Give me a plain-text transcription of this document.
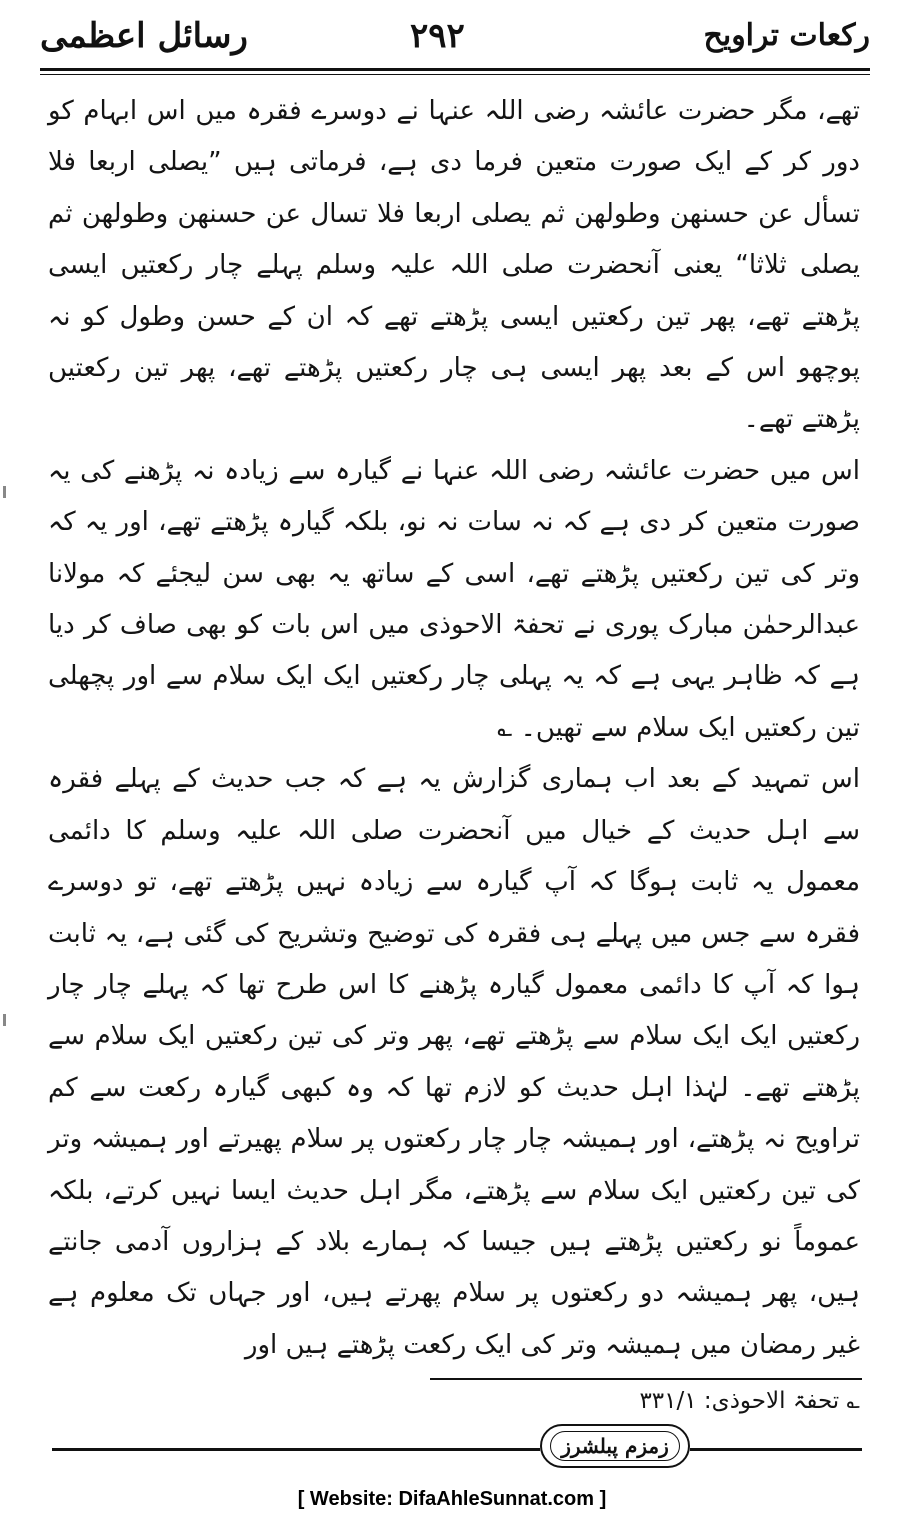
رسائل اعظمی	۲۹۲	رکعات تراویح

تھے، مگر حضرت عائشہ رضی اللہ عنہا نے دوسرے فقرہ میں اس ابہام کو دور کر کے ایک صورت متعین فرما دی ہے، فرماتی ہیں ”یصلی اربعا فلا تسأل عن حسنهن وطولهن ثم یصلی اربعا فلا تسال عن حسنهن وطولهن ثم یصلی ثلاثا“ یعنی آنحضرت صلی اللہ علیہ وسلم پہلے چار رکعتیں ایسی پڑھتے تھے، پھر تین رکعتیں ایسی پڑھتے تھے کہ ان کے حسن وطول کو نہ پوچھو اس کے بعد پھر ایسی ہی چار رکعتیں پڑھتے تھے، پھر تین رکعتیں پڑھتے تھے۔

اس میں حضرت عائشہ رضی اللہ عنہا نے گیارہ سے زیادہ نہ پڑھنے کی یہ صورت متعین کر دی ہے کہ نہ سات نہ نو، بلکہ گیارہ پڑھتے تھے، اور یہ کہ وتر کی تین رکعتیں پڑھتے تھے، اسی کے ساتھ یہ بھی سن لیجئے کہ مولانا عبدالرحمٰن مبارک پوری نے تحفۃ الاحوذی میں اس بات کو بھی صاف کر دیا ہے کہ ظاہر یہی ہے کہ یہ پہلی چار رکعتیں ایک ایک سلام سے اور پچھلی تین رکعتیں ایک سلام سے تھیں۔ ؎

اس تمہید کے بعد اب ہماری گزارش یہ ہے کہ جب حدیث کے پہلے فقرہ سے اہل حدیث کے خیال میں آنحضرت صلی اللہ علیہ وسلم کا دائمی معمول یہ ثابت ہوگا کہ آپ گیارہ سے زیادہ نہیں پڑھتے تھے، تو دوسرے فقرہ سے جس میں پہلے ہی فقرہ کی توضیح وتشریح کی گئی ہے، یہ ثابت ہوا کہ آپ کا دائمی معمول گیارہ پڑھنے کا اس طرح تھا کہ پہلے چار چار رکعتیں ایک ایک سلام سے پڑھتے تھے، پھر وتر کی تین رکعتیں ایک سلام سے پڑھتے تھے۔ لہٰذا اہل حدیث کو لازم تھا کہ وہ کبھی گیارہ رکعت سے کم تراویح نہ پڑھتے، اور ہمیشہ چار چار رکعتوں پر سلام پھیرتے اور ہمیشہ وتر کی تین رکعتیں ایک سلام سے پڑھتے، مگر اہل حدیث ایسا نہیں کرتے، بلکہ عموماً نو رکعتیں پڑھتے ہیں جیسا کہ ہمارے بلاد کے ہزاروں آدمی جانتے ہیں، پھر ہمیشہ دو رکعتوں پر سلام پھرتے ہیں، اور جہاں تک معلوم ہے غیر رمضان میں ہمیشہ وتر کی ایک رکعت پڑھتے ہیں اور

؎ تحفۃ الاحوذی: ۳۳۱/۱
زمزم پبلشرز
[ Website: DifaAhleSunnat.com ]
